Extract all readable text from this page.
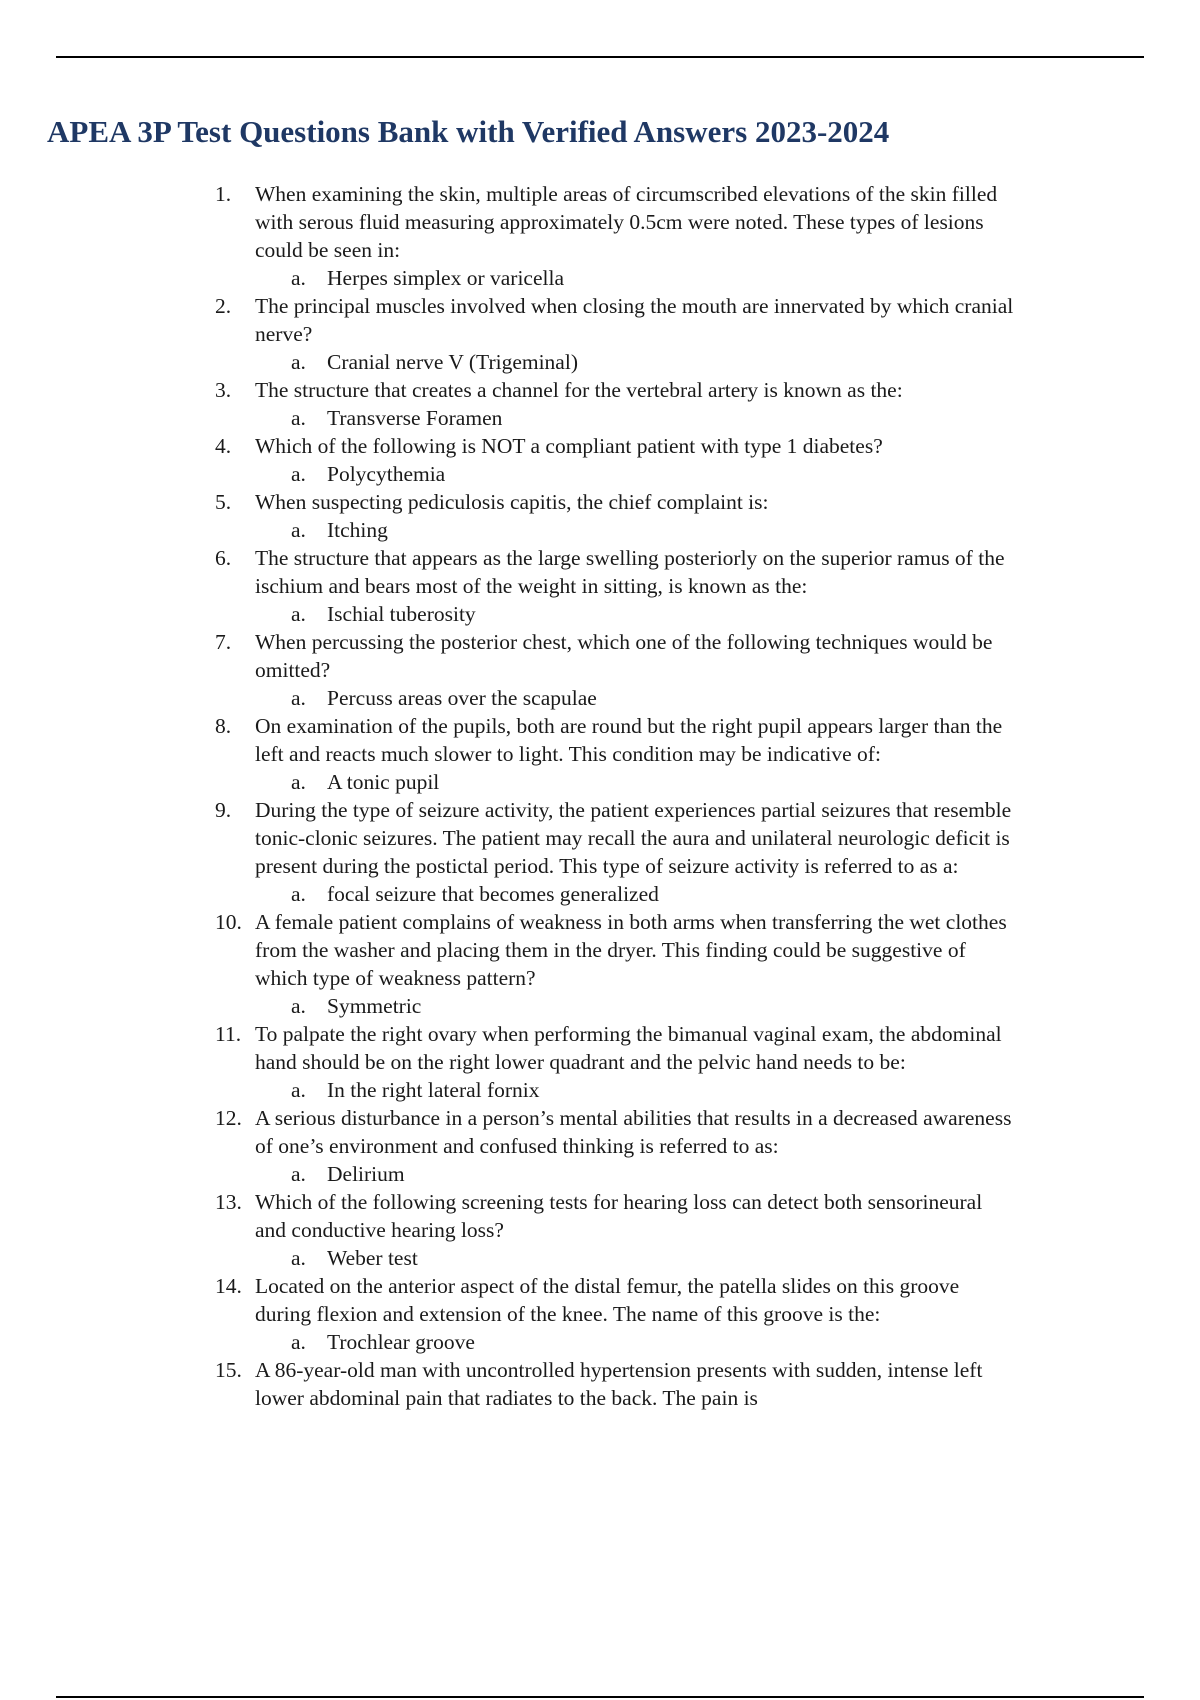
APEA 3P Test Questions Bank with Verified Answers 2023-2024
1.	When examining the skin, multiple areas of circumscribed elevations of the skin filled with serous fluid measuring approximately 0.5cm were noted. These types of lesions could be seen in:
a. Herpes simplex or varicella
2.	The principal muscles involved when closing the mouth are innervated by which cranial nerve?
a. Cranial nerve V (Trigeminal)
3.	The structure that creates a channel for the vertebral artery is known as the:
a. Transverse Foramen
4.	Which of the following is NOT a compliant patient with type 1 diabetes?
a. Polycythemia
5.	When suspecting pediculosis capitis, the chief complaint is:
a. Itching
6.	The structure that appears as the large swelling posteriorly on the superior ramus of the ischium and bears most of the weight in sitting, is known as the:
a. Ischial tuberosity
7.	When percussing the posterior chest, which one of the following techniques would be omitted?
a. Percuss areas over the scapulae
8.	On examination of the pupils, both are round but the right pupil appears larger than the left and reacts much slower to light. This condition may be indicative of:
a. A tonic pupil
9.	During the type of seizure activity, the patient experiences partial seizures that resemble tonic-clonic seizures. The patient may recall the aura and unilateral neurologic deficit is present during the postictal period. This type of seizure activity is referred to as a:
a. focal seizure that becomes generalized
10. A female patient complains of weakness in both arms when transferring the wet clothes from the washer and placing them in the dryer. This finding could be suggestive of which type of weakness pattern?
a. Symmetric
11. To palpate the right ovary when performing the bimanual vaginal exam, the abdominal hand should be on the right lower quadrant and the pelvic hand needs to be:
a. In the right lateral fornix
12. A serious disturbance in a person’s mental abilities that results in a decreased awareness of one’s environment and confused thinking is referred to as:
a. Delirium
13. Which of the following screening tests for hearing loss can detect both sensorineural and conductive hearing loss?
a. Weber test
14. Located on the anterior aspect of the distal femur, the patella slides on this groove during flexion and extension of the knee. The name of this groove is the:
a. Trochlear groove
15. A 86-year-old man with uncontrolled hypertension presents with sudden, intense left lower abdominal pain that radiates to the back. The pain is
